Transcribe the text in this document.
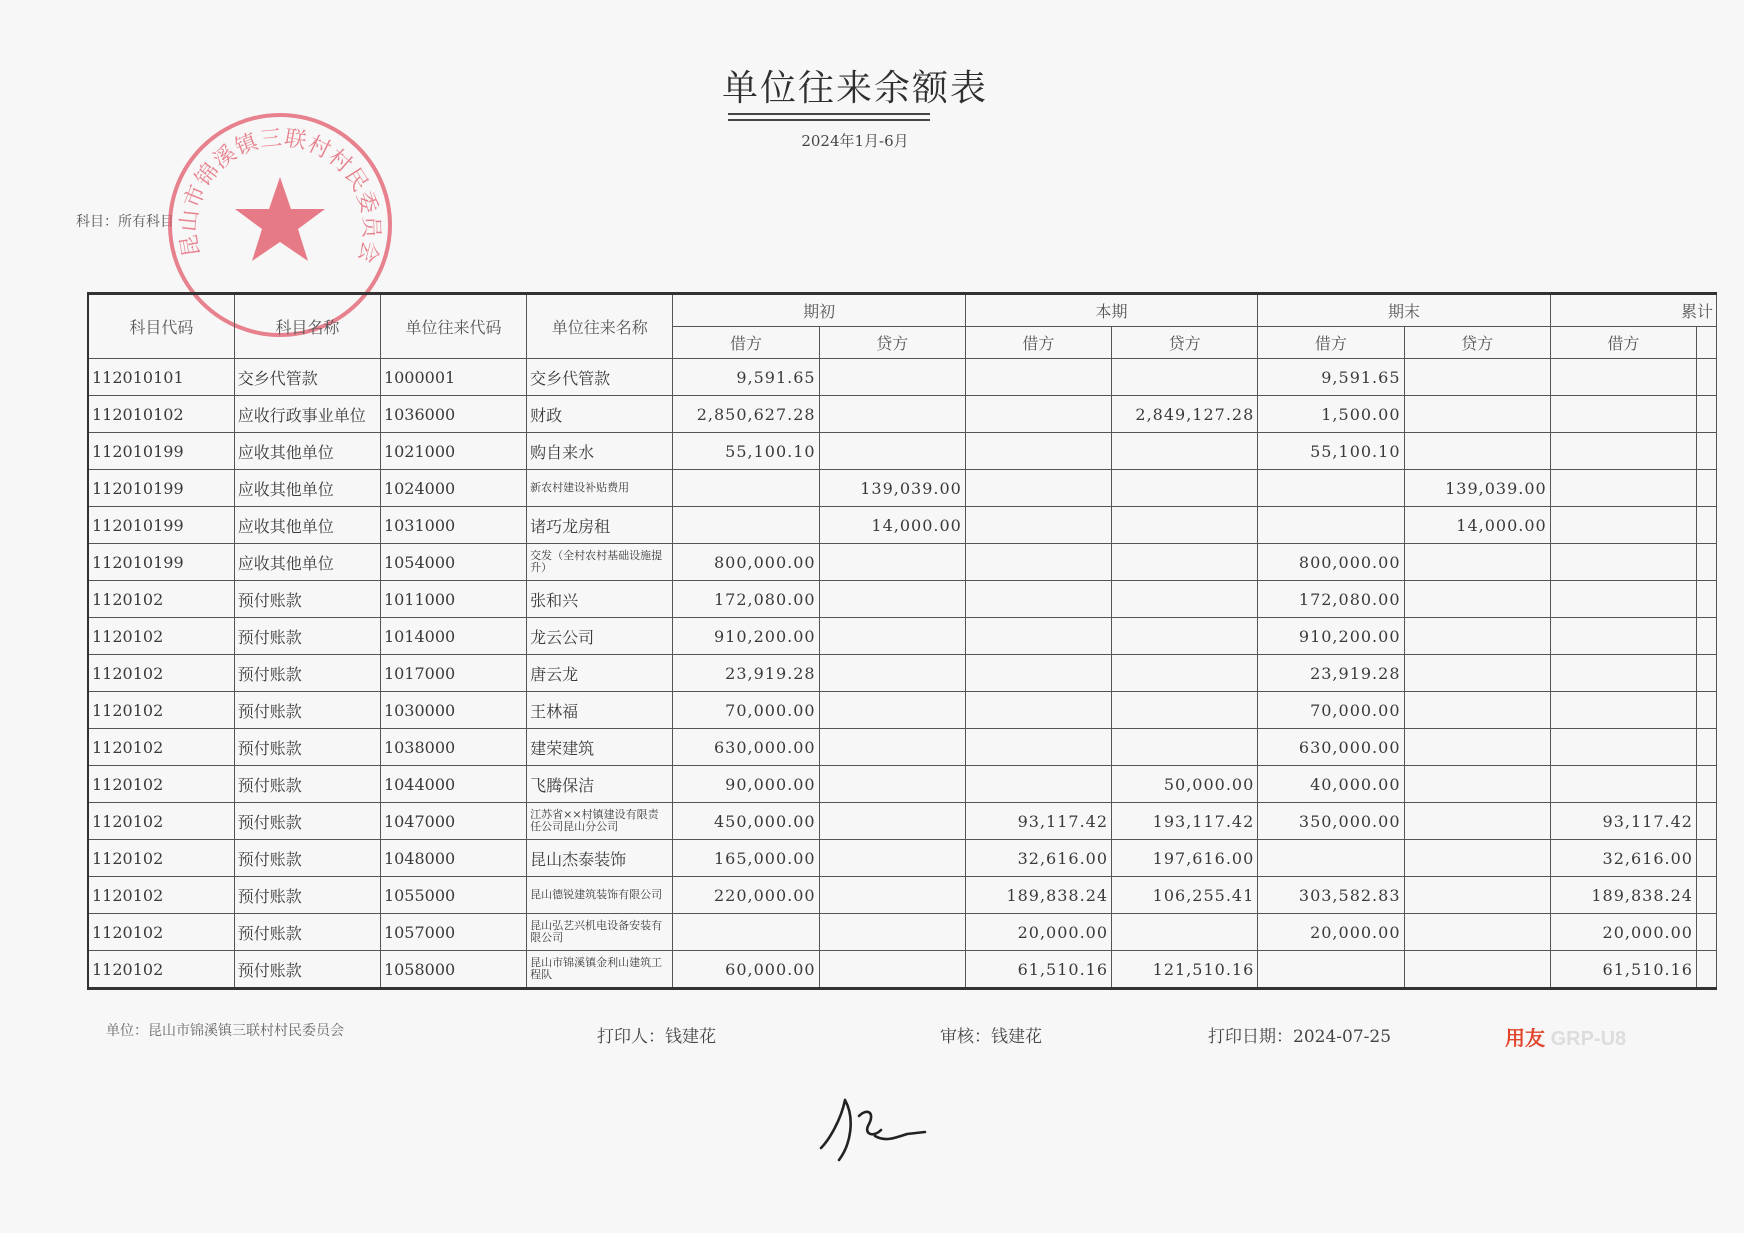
单位往来余额表
2024年1月-6月
科目：所有科目
昆山市锦溪镇三联村村民委员会
科目代码	科目名称	单位往来代码	单位往来名称	期初		本期		期末		累计	
				借方	贷方	借方	贷方	借方	贷方	借方	
112010101	交乡代管款	1000001	交乡代管款	9,591.65				9,591.65			
112010102	应收行政事业单位	1036000	财政	2,850,627.28			2,849,127.28	1,500.00			
112010199	应收其他单位	1021000	购自来水	55,100.10				55,100.10			
112010199	应收其他单位	1024000	新农村建设补贴费用		139,039.00				139,039.00		
112010199	应收其他单位	1031000	诸巧龙房租		14,000.00				14,000.00		
112010199	应收其他单位	1054000	交发（全村农村基础设施提升）	800,000.00				800,000.00			
1120102	预付账款	1011000	张和兴	172,080.00				172,080.00			
1120102	预付账款	1014000	龙云公司	910,200.00				910,200.00			
1120102	预付账款	1017000	唐云龙	23,919.28				23,919.28			
1120102	预付账款	1030000	王林福	70,000.00				70,000.00			
1120102	预付账款	1038000	建荣建筑	630,000.00				630,000.00			
1120102	预付账款	1044000	飞腾保洁	90,000.00			50,000.00	40,000.00			
1120102	预付账款	1047000	江苏省××村镇建设有限责任公司昆山分公司	450,000.00		93,117.42	193,117.42	350,000.00		93,117.42	
1120102	预付账款	1048000	昆山杰泰装饰	165,000.00		32,616.00	197,616.00			32,616.00	
1120102	预付账款	1055000	昆山德锐建筑装饰有限公司	220,000.00		189,838.24	106,255.41	303,582.83		189,838.24	
1120102	预付账款	1057000	昆山弘艺兴机电设备安装有限公司			20,000.00		20,000.00		20,000.00	
1120102	预付账款	1058000	昆山市锦溪镇金利山建筑工程队	60,000.00		61,510.16	121,510.16			61,510.16	
单位：昆山市锦溪镇三联村村民委员会	打印人：钱建花	审核：钱建花	打印日期：2024-07-25	用友 GRP-U8
